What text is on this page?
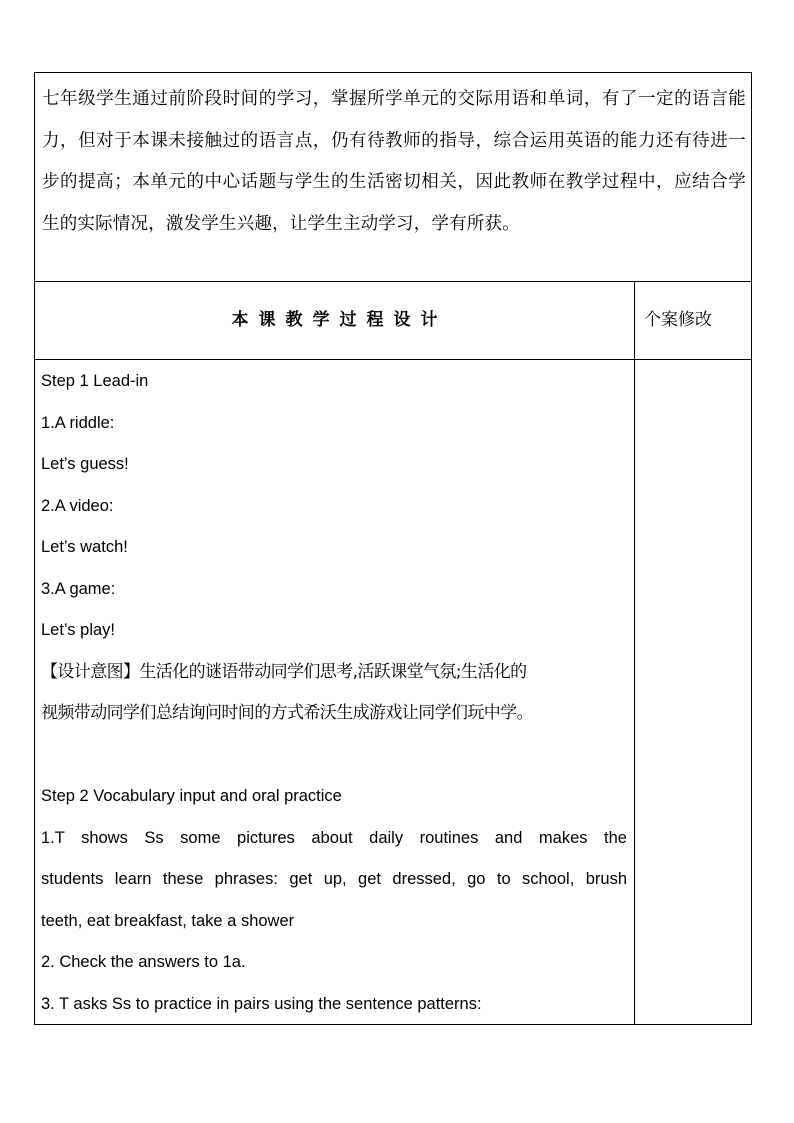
七年级学生通过前阶段时间的学习，掌握所学单元的交际用语和单词，有了一定的语言能力，但对于本课未接触过的语言点，仍有待教师的指导，综合运用英语的能力还有待进一步的提高；本单元的中心话题与学生的生活密切相关，因此教师在教学过程中，应结合学生的实际情况，激发学生兴趣，让学生主动学习，学有所获。
本课教学过程设计	个案修改
Step 1 Lead-in
1.A riddle:
Let’s guess!
2.A video:
Let’s watch!
3.A game:
Let’s play!
【设计意图】生活化的谜语带动同学们思考,活跃课堂气氛;生活化的
视频带动同学们总结询问时间的方式希沃生成游戏让同学们玩中学。
Step 2 Vocabulary input and oral practice
1.T shows Ss some pictures about daily routines and makes the
students learn these phrases: get up, get dressed, go to school, brush
teeth, eat breakfast, take a shower
2. Check the answers to 1a.
3. T asks Ss to practice in pairs using the sentence patterns:
